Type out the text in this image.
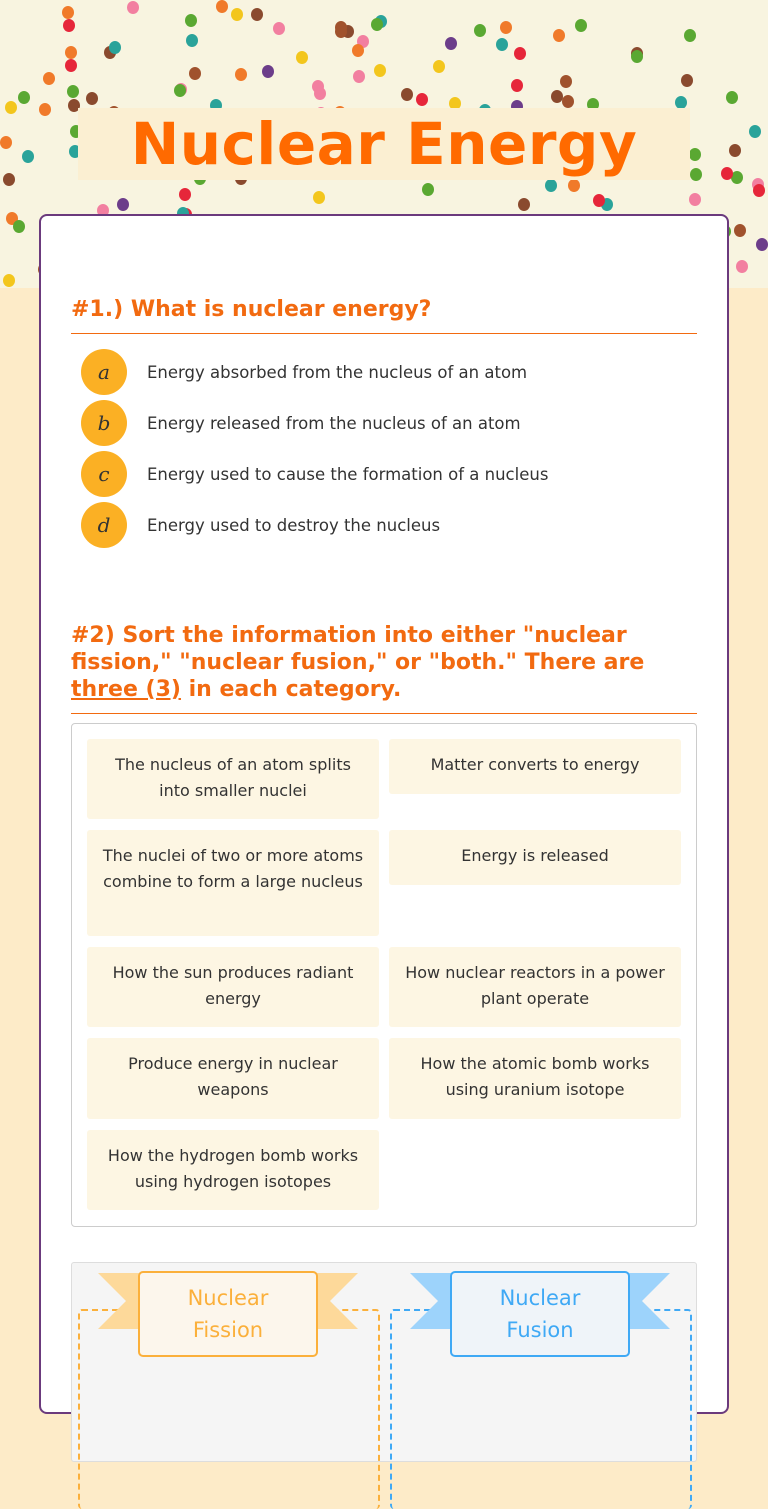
Nuclear Energy
#1.) What is nuclear energy?
a	Energy absorbed from the nucleus of an atom
b	Energy released from the nucleus of an atom
c	Energy used to cause the formation of a nucleus
d	Energy used to destroy the nucleus
#2) Sort the information into either "nuclear fission," "nuclear fusion," or "both." There are three (3) in each category.
The nucleus of an atom splits into smaller nuclei
Matter converts to energy
The nuclei of two or more atoms combine to form a large nucleus
Energy is released
How the sun produces radiant energy
How nuclear reactors in a power plant operate
Produce energy in nuclear weapons
How the atomic bomb works using uranium isotope
How the hydrogen bomb works using hydrogen isotopes
Nuclear
Fission
Nuclear
Fusion
